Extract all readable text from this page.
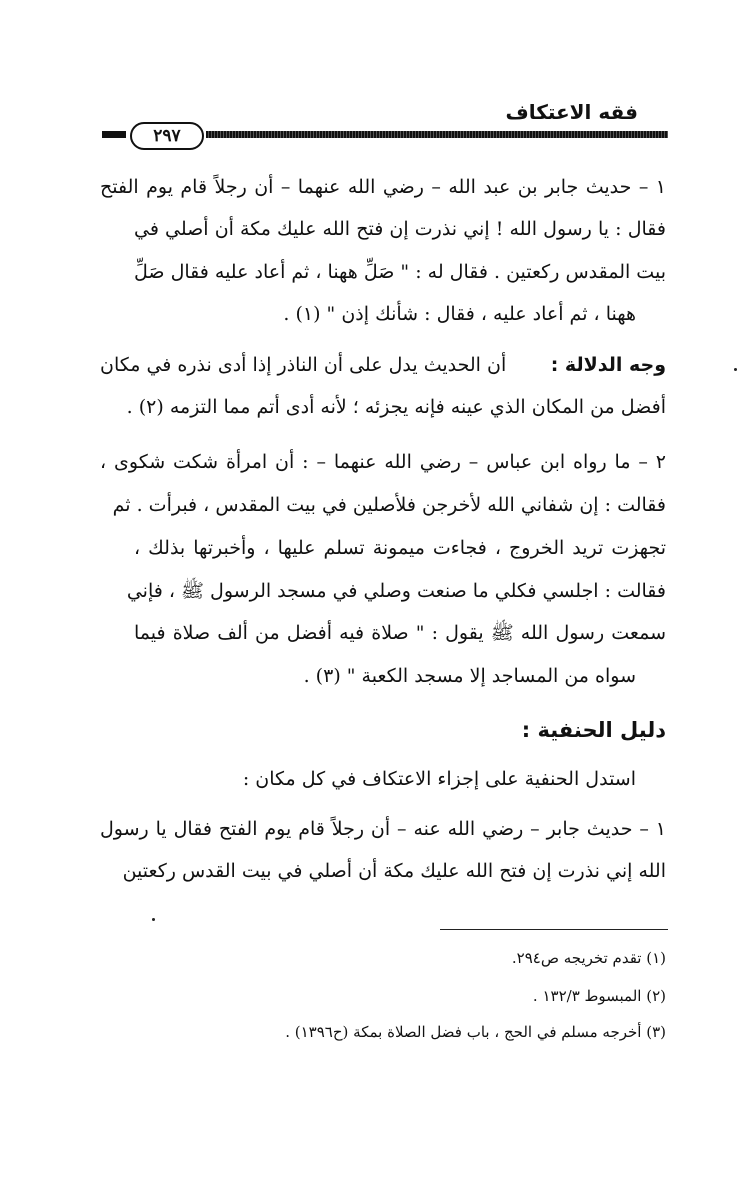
فقه الاعتكاف
٢٩٧
١ – حديث جابر بن عبد الله – رضي الله عنهما – أن رجلاً قام يوم الفتح
فقال : يا رسول الله ! إني نذرت إن فتح الله عليك مكة أن أصلي في
بيت المقدس ركعتين . فقال له : " صَلِّ ههنا ، ثم أعاد عليه فقال صَلِّ
ههنا ، ثم أعاد عليه ، فقال : شأنك إذن " (١) .
وجه الدلالة :
أن الحديث يدل على أن الناذر إذا أدى نذره في مكان
أفضل من المكان الذي عينه فإنه يجزئه ؛ لأنه أدى أتم مما التزمه (٢) .
٢ – ما رواه ابن عباس – رضي الله عنهما – : أن امرأة شكت شكوى ،
فقالت : إن شفاني الله لأخرجن فلأصلين في بيت المقدس ، فبرأت . ثم
تجهزت تريد الخروج ، فجاءت ميمونة تسلم عليها ، وأخبرتها بذلك ،
فقالت : اجلسي فكلي ما صنعت وصلي في مسجد الرسول ﷺ ، فإني
سمعت رسول الله ﷺ يقول : " صلاة فيه أفضل من ألف صلاة فيما
سواه من المساجد إلا مسجد الكعبة " (٣) .
دليل الحنفية :
استدل الحنفية على إجزاء الاعتكاف في كل مكان :
١ – حديث جابر – رضي الله عنه – أن رجلاً قام يوم الفتح فقال يا رسول
الله إني نذرت إن فتح الله عليك مكة أن أصلي في بيت القدس ركعتين
(١) تقدم تخريجه ص٢٩٤.
(٢) المبسوط ١٣٢/٣ .
(٣) أخرجه مسلم في الحج ، باب فضل الصلاة بمكة (ح١٣٩٦) .
